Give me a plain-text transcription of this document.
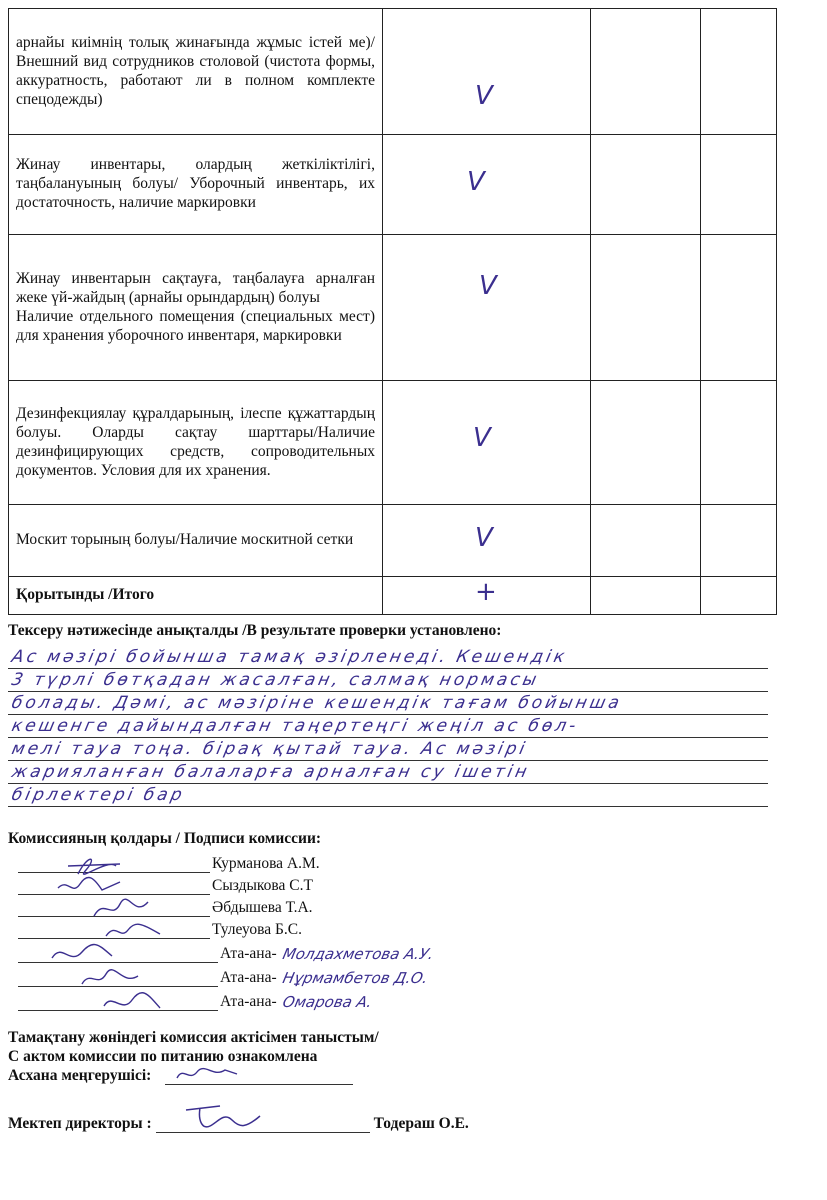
арнайы киімнің толық жинағында жұмыс істей ме)/ Внешний вид сотрудников столовой (чистота формы, аккуратность, работают ли в полном комплекте спецодежды)	V		

Жинау инвентары, олардың жеткіліктілігі, таңбалануының болуы/ Уборочный инвентарь, их достаточность, наличие маркировки	V		

Жинау инвентарын сақтауға, таңбалауға арналған жеке үй-жайдың (арнайы орындардың) болуы
Наличие отдельного помещения (специальных мест) для хранения уборочного инвентаря, маркировки	V		

Дезинфекциялау құралдарының, ілеспе құжаттардың болуы. Оларды сақтау шарттары/Наличие дезинфицирующих средств, сопроводительных документов. Условия для их хранения.	V		

Москит торының болуы/Наличие москитной сетки	V		

Қорытынды /Итого	+		

Тексеру нәтижесінде анықталды /В результате проверки установлено:
Ас мәзірі бойынша тамақ әзірленеді. Кешендік
3 түрлі бөтқадан жасалған, салмақ нормасы
болады. Дәмі, ас мәзіріне кешендік тағам бойынша
кешенге дайындалған таңертеңгі жеңіл ас бөл-
мелі тауа тоңа. бірақ қытай тауа. Ас мәзірі
жарияланған балаларға арналған су ішетін
бірлектері бар
Комиссияның қолдары / Подписи комиссии:
Курманова А.М.
Сыздыкова С.Т
Әбдышева Т.А.
Тулеуова Б.С.
Ата-ана- Молдахметова А.У.
Ата-ана- Нұрмамбетов Д.О.
Ата-ана- Омарова А.
Тамақтану жөніндегі комиссия актісімен таныстым/
С актом комиссии по питанию ознакомлена
Асхана меңгерушісі:
Мектеп директоры :	Тодераш О.Е.
